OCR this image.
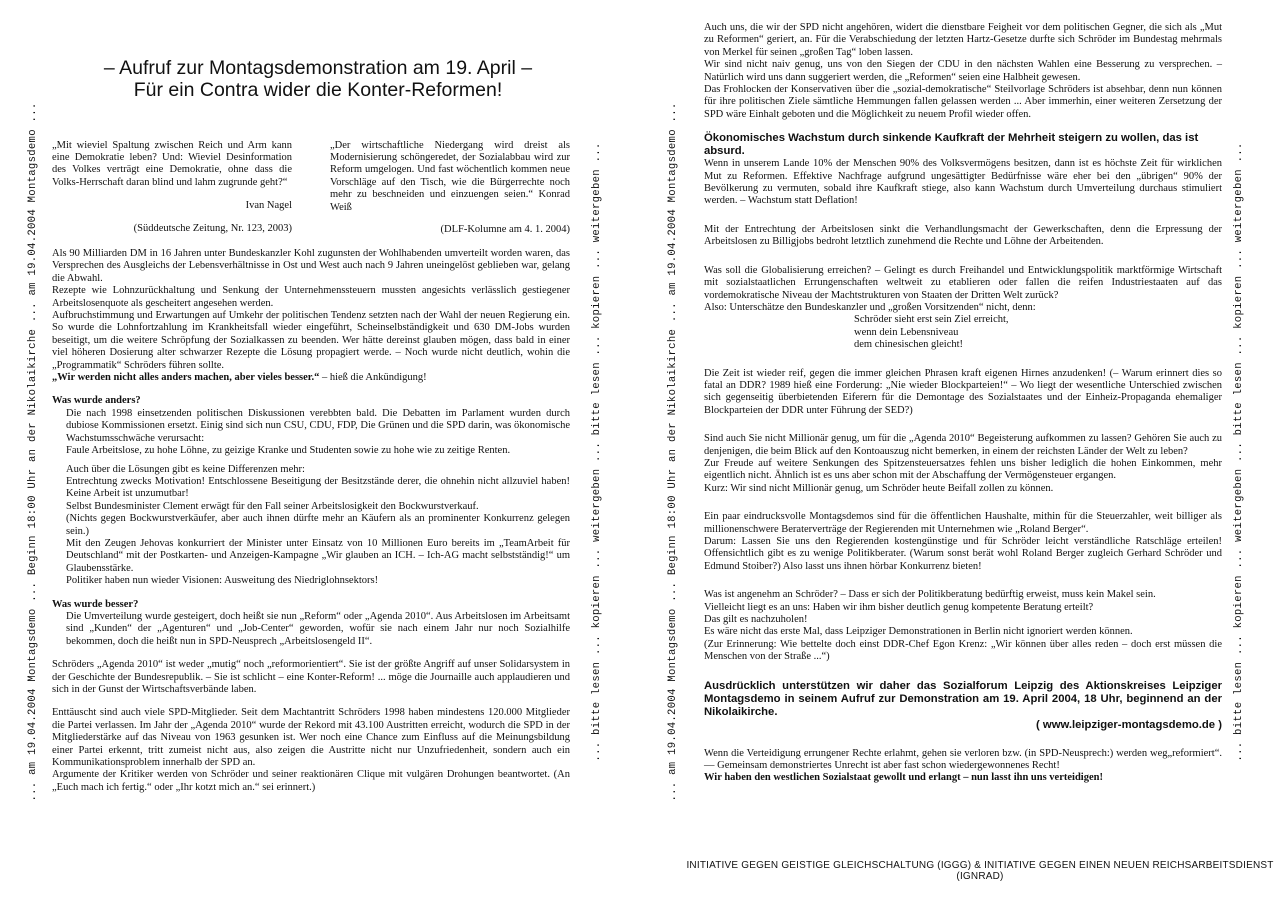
... am 19.04.2004 Montagsdemo ... Beginn 18:00 Uhr an der Nikolaikirche ... am 19.04.2004 Montagsdemo ...	... bitte lesen ... kopieren ... weitergeben ... bitte lesen ... kopieren ... weitergeben ...
– Aufruf zur Montagsdemonstration am 19. April –
Für ein Contra wider die Konter-Reformen!

„Mit wieviel Spaltung zwischen Reich und Arm kann eine Demokratie leben? Und: Wieviel Desinformation des Volkes verträgt eine Demokratie, ohne dass die Volks-Herrschaft daran blind und lahm zugrunde geht?“

Ivan Nagel

(Süddeutsche Zeitung, Nr. 123, 2003)

„Der wirtschaftliche Niedergang wird dreist als Modernisierung schöngeredet, der Sozialabbau wird zur Reform umgelogen. Und fast wöchentlich kommen neue Vorschläge auf den Tisch, wie die Bürgerrechte noch mehr zu beschneiden und einzuengen seien.“ Konrad Weiß

(DLF-Kolumne am 4. 1. 2004)

Als 90 Milliarden DM in 16 Jahren unter Bundeskanzler Kohl zugunsten der Wohlhabenden umverteilt worden waren, das Versprechen des Ausgleichs der Lebensverhältnisse in Ost und West auch nach 9 Jahren uneingelöst geblieben war, gelang die Abwahl.

Rezepte wie Lohnzurückhaltung und Senkung der Unternehmenssteuern mussten angesichts verlässlich gestiegener Arbeitslosenquote als gescheitert angesehen werden.

Aufbruchstimmung und Erwartungen auf Umkehr der politischen Tendenz setzten nach der Wahl der neuen Regierung ein. So wurde die Lohnfortzahlung im Krankheitsfall wieder eingeführt, Scheinselbständigkeit und 630 DM-Jobs wurden beseitigt, um die weitere Schröpfung der Sozialkassen zu beenden. Wer hätte dereinst glauben mögen, dass bald in einer viel höheren Dosierung alter schwarzer Rezepte die Lösung propagiert werde. – Noch wurde nicht deutlich, wohin die „Programmatik“ Schröders führen sollte.

„Wir werden nicht alles anders machen, aber vieles besser.“ – hieß die Ankündigung!

Was wurde anders?

Die nach 1998 einsetzenden politischen Diskussionen verebbten bald. Die Debatten im Parlament wurden durch dubiose Kommissionen ersetzt. Einig sind sich nun CSU, CDU, FDP, Die Grünen und die SPD darin, was ökonomische Wachstumsschwäche verursacht:

Faule Arbeitslose, zu hohe Löhne, zu geizige Kranke und Studenten sowie zu hohe wie zu zeitige Renten.

Auch über die Lösungen gibt es keine Differenzen mehr:

Entrechtung zwecks Motivation! Entschlossene Beseitigung der Besitzstände derer, die ohnehin nicht allzuviel haben! Keine Arbeit ist unzumutbar!

Selbst Bundesminister Clement erwägt für den Fall seiner Arbeitslosigkeit den Bockwurstverkauf.

(Nichts gegen Bockwurstverkäufer, aber auch ihnen dürfte mehr an Käufern als an prominenter Konkurrenz gelegen sein.)

Mit den Zeugen Jehovas konkurriert der Minister unter Einsatz von 10 Millionen Euro bereits im „TeamArbeit für Deutschland“ mit der Postkarten- und Anzeigen-Kampagne „Wir glauben an ICH. – Ich-AG macht selbstständig!“ um Glaubensstärke.

Politiker haben nun wieder Visionen: Ausweitung des Niedriglohnsektors!

Was wurde besser?

Die Umverteilung wurde gesteigert, doch heißt sie nun „Reform“ oder „Agenda 2010“. Aus Arbeitslosen im Arbeitsamt sind „Kunden“ der „Agenturen“ und „Job-Center“ geworden, wofür sie nach einem Jahr nur noch Sozialhilfe bekommen, doch die heißt nun in SPD-Neusprech „Arbeitslosengeld II“.

Schröders „Agenda 2010“ ist weder „mutig“ noch „reformorientiert“. Sie ist der größte Angriff auf unser Solidarsystem in der Geschichte der Bundesrepublik. – Sie ist schlicht – eine Konter-Reform! ... möge die Journaille auch applaudieren und sich in der Gunst der Wirtschaftsverbände laben.

Enttäuscht sind auch viele SPD-Mitglieder. Seit dem Machtantritt Schröders 1998 haben mindestens 120.000 Mitglieder die Partei verlassen. Im Jahr der „Agenda 2010“ wurde der Rekord mit 43.100 Austritten erreicht, wodurch die SPD in der Mitgliederstärke auf das Niveau von 1963 gesunken ist. Wer noch eine Chance zum Einfluss auf die Meinungsbildung einer Partei erkennt, tritt zumeist nicht aus, also zeigen die Austritte nicht nur Unzufriedenheit, sondern auch ein Kommunikationsproblem innerhalb der SPD an.

Argumente der Kritiker werden von Schröder und seiner reaktionären Clique mit vulgären Drohungen beantwortet. (An „Euch mach ich fertig.“ oder „Ihr kotzt mich an.“ sei erinnert.)	... am 19.04.2004 Montagsdemo ... Beginn 18:00 Uhr an der Nikolaikirche ... am 19.04.2004 Montagsdemo ...	... bitte lesen ... kopieren ... weitergeben ... bitte lesen ... kopieren ... weitergeben ...

Auch uns, die wir der SPD nicht angehören, widert die dienstbare Feigheit vor dem politischen Gegner, die sich als „Mut zu Reformen“ geriert, an. Für die Verabschiedung der letzten Hartz-Gesetze durfte sich Schröder im Bundestag mehrmals von Merkel für seinen „großen Tag“ loben lassen.

Wir sind nicht naiv genug, uns von den Siegen der CDU in den nächsten Wahlen eine Besserung zu versprechen. – Natürlich wird uns dann suggeriert werden, die „Reformen“ seien eine Halbheit gewesen.

Das Frohlocken der Konservativen über die „sozial-demokratische“ Steilvorlage Schröders ist absehbar, denn nun können für ihre politischen Ziele sämtliche Hemmungen fallen gelassen werden ... Aber immerhin, einer weiteren Zersetzung der SPD wäre Einhalt geboten und die Möglichkeit zu neuem Profil wieder offen.

Ökonomisches Wachstum durch sinkende Kaufkraft der Mehrheit steigern zu wollen, das ist absurd.

Wenn in unserem Lande 10% der Menschen 90% des Volksvermögens besitzen, dann ist es höchste Zeit für wirklichen Mut zu Reformen. Effektive Nachfrage aufgrund ungesättigter Bedürfnisse wäre eher bei den „übrigen“ 90% der Bevölkerung zu vermuten, sobald ihre Kaufkraft stiege, also kann Wachstum durch Umverteilung durchaus stimuliert werden. – Wachstum statt Deflation!

Mit der Entrechtung der Arbeitslosen sinkt die Verhandlungsmacht der Gewerkschaften, denn die Erpressung der Arbeitslosen zu Billigjobs bedroht letztlich zunehmend die Rechte und Löhne der Arbeitenden.

Was soll die Globalisierung erreichen? – Gelingt es durch Freihandel und Entwicklungspolitik marktförmige Wirtschaft mit sozialstaatlichen Errungenschaften weltweit zu etablieren oder fallen die reifen Industriestaaten auf das vordemokratische Niveau der Machtstrukturen von Staaten der Dritten Welt zurück?

Also: Unterschätze den Bundeskanzler und „großen Vorsitzenden“ nicht, denn:

Schröder sieht erst sein Ziel erreicht,

wenn dein Lebensniveau

dem chinesischen gleicht!

Die Zeit ist wieder reif, gegen die immer gleichen Phrasen kraft eigenen Hirnes anzudenken! (– Warum erinnert dies so fatal an DDR? 1989 hieß eine Forderung: „Nie wieder Blockparteien!“ – Wo liegt der wesentliche Unterschied zwischen sich gegenseitig überbietenden Eiferern für die Demontage des Sozialstaates und der Einheiz-Propaganda ehemaliger Blockparteien der DDR unter Führung der SED?)

Sind auch Sie nicht Millionär genug, um für die „Agenda 2010“ Begeisterung aufkommen zu lassen? Gehören Sie auch zu denjenigen, die beim Blick auf den Kontoauszug nicht bemerken, in einem der reichsten Länder der Welt zu leben?

Zur Freude auf weitere Senkungen des Spitzensteuersatzes fehlen uns bisher lediglich die hohen Einkommen, mehr eigentlich nicht. Ähnlich ist es uns aber schon mit der Abschaffung der Vermögensteuer ergangen.

Kurz: Wir sind nicht Millionär genug, um Schröder heute Beifall zollen zu können.

Ein paar eindrucksvolle Montagsdemos sind für die öffentlichen Haushalte, mithin für die Steuerzahler, weit billiger als millionenschwere Beraterverträge der Regierenden mit Unternehmen wie „Roland Berger“.

Darum: Lassen Sie uns den Regierenden kostengünstige und für Schröder leicht verständliche Ratschläge erteilen! Offensichtlich gibt es zu wenige Politikberater. (Warum sonst berät wohl Roland Berger zugleich Gerhard Schröder und Edmund Stoiber?) Also lasst uns ihnen hörbar Konkurrenz bieten!

Was ist angenehm an Schröder? – Dass er sich der Politikberatung bedürftig erweist, muss kein Makel sein.

Vielleicht liegt es an uns: Haben wir ihm bisher deutlich genug kompetente Beratung erteilt?

Das gilt es nachzuholen!

Es wäre nicht das erste Mal, dass Leipziger Demonstrationen in Berlin nicht ignoriert werden können.

(Zur Erinnerung: Wie bettelte doch einst DDR-Chef Egon Krenz: „Wir können über alles reden – doch erst müssen die Menschen von der Straße ...“)

Ausdrücklich unterstützen wir daher das Sozialforum Leipzig des Aktionskreises Leipziger Montagsdemo in seinem Aufruf zur Demonstration am 19. April 2004, 18 Uhr, beginnend an der Nikolaikirche.

( www.leipziger-montagsdemo.de )

Wenn die Verteidigung errungener Rechte erlahmt, gehen sie verloren bzw. (in SPD-Neusprech:) werden weg„reformiert“. — Gemeinsam demonstriertes Unrecht ist aber fast schon wiedergewonnenes Recht!

Wir haben den westlichen Sozialstaat gewollt und erlangt – nun lasst ihn uns verteidigen!

INITIATIVE GEGEN GEISTIGE GLEICHSCHALTUNG (IGGG) & INITIATIVE GEGEN EINEN NEUEN REICHSARBEITSDIENST (IGNRAD)
